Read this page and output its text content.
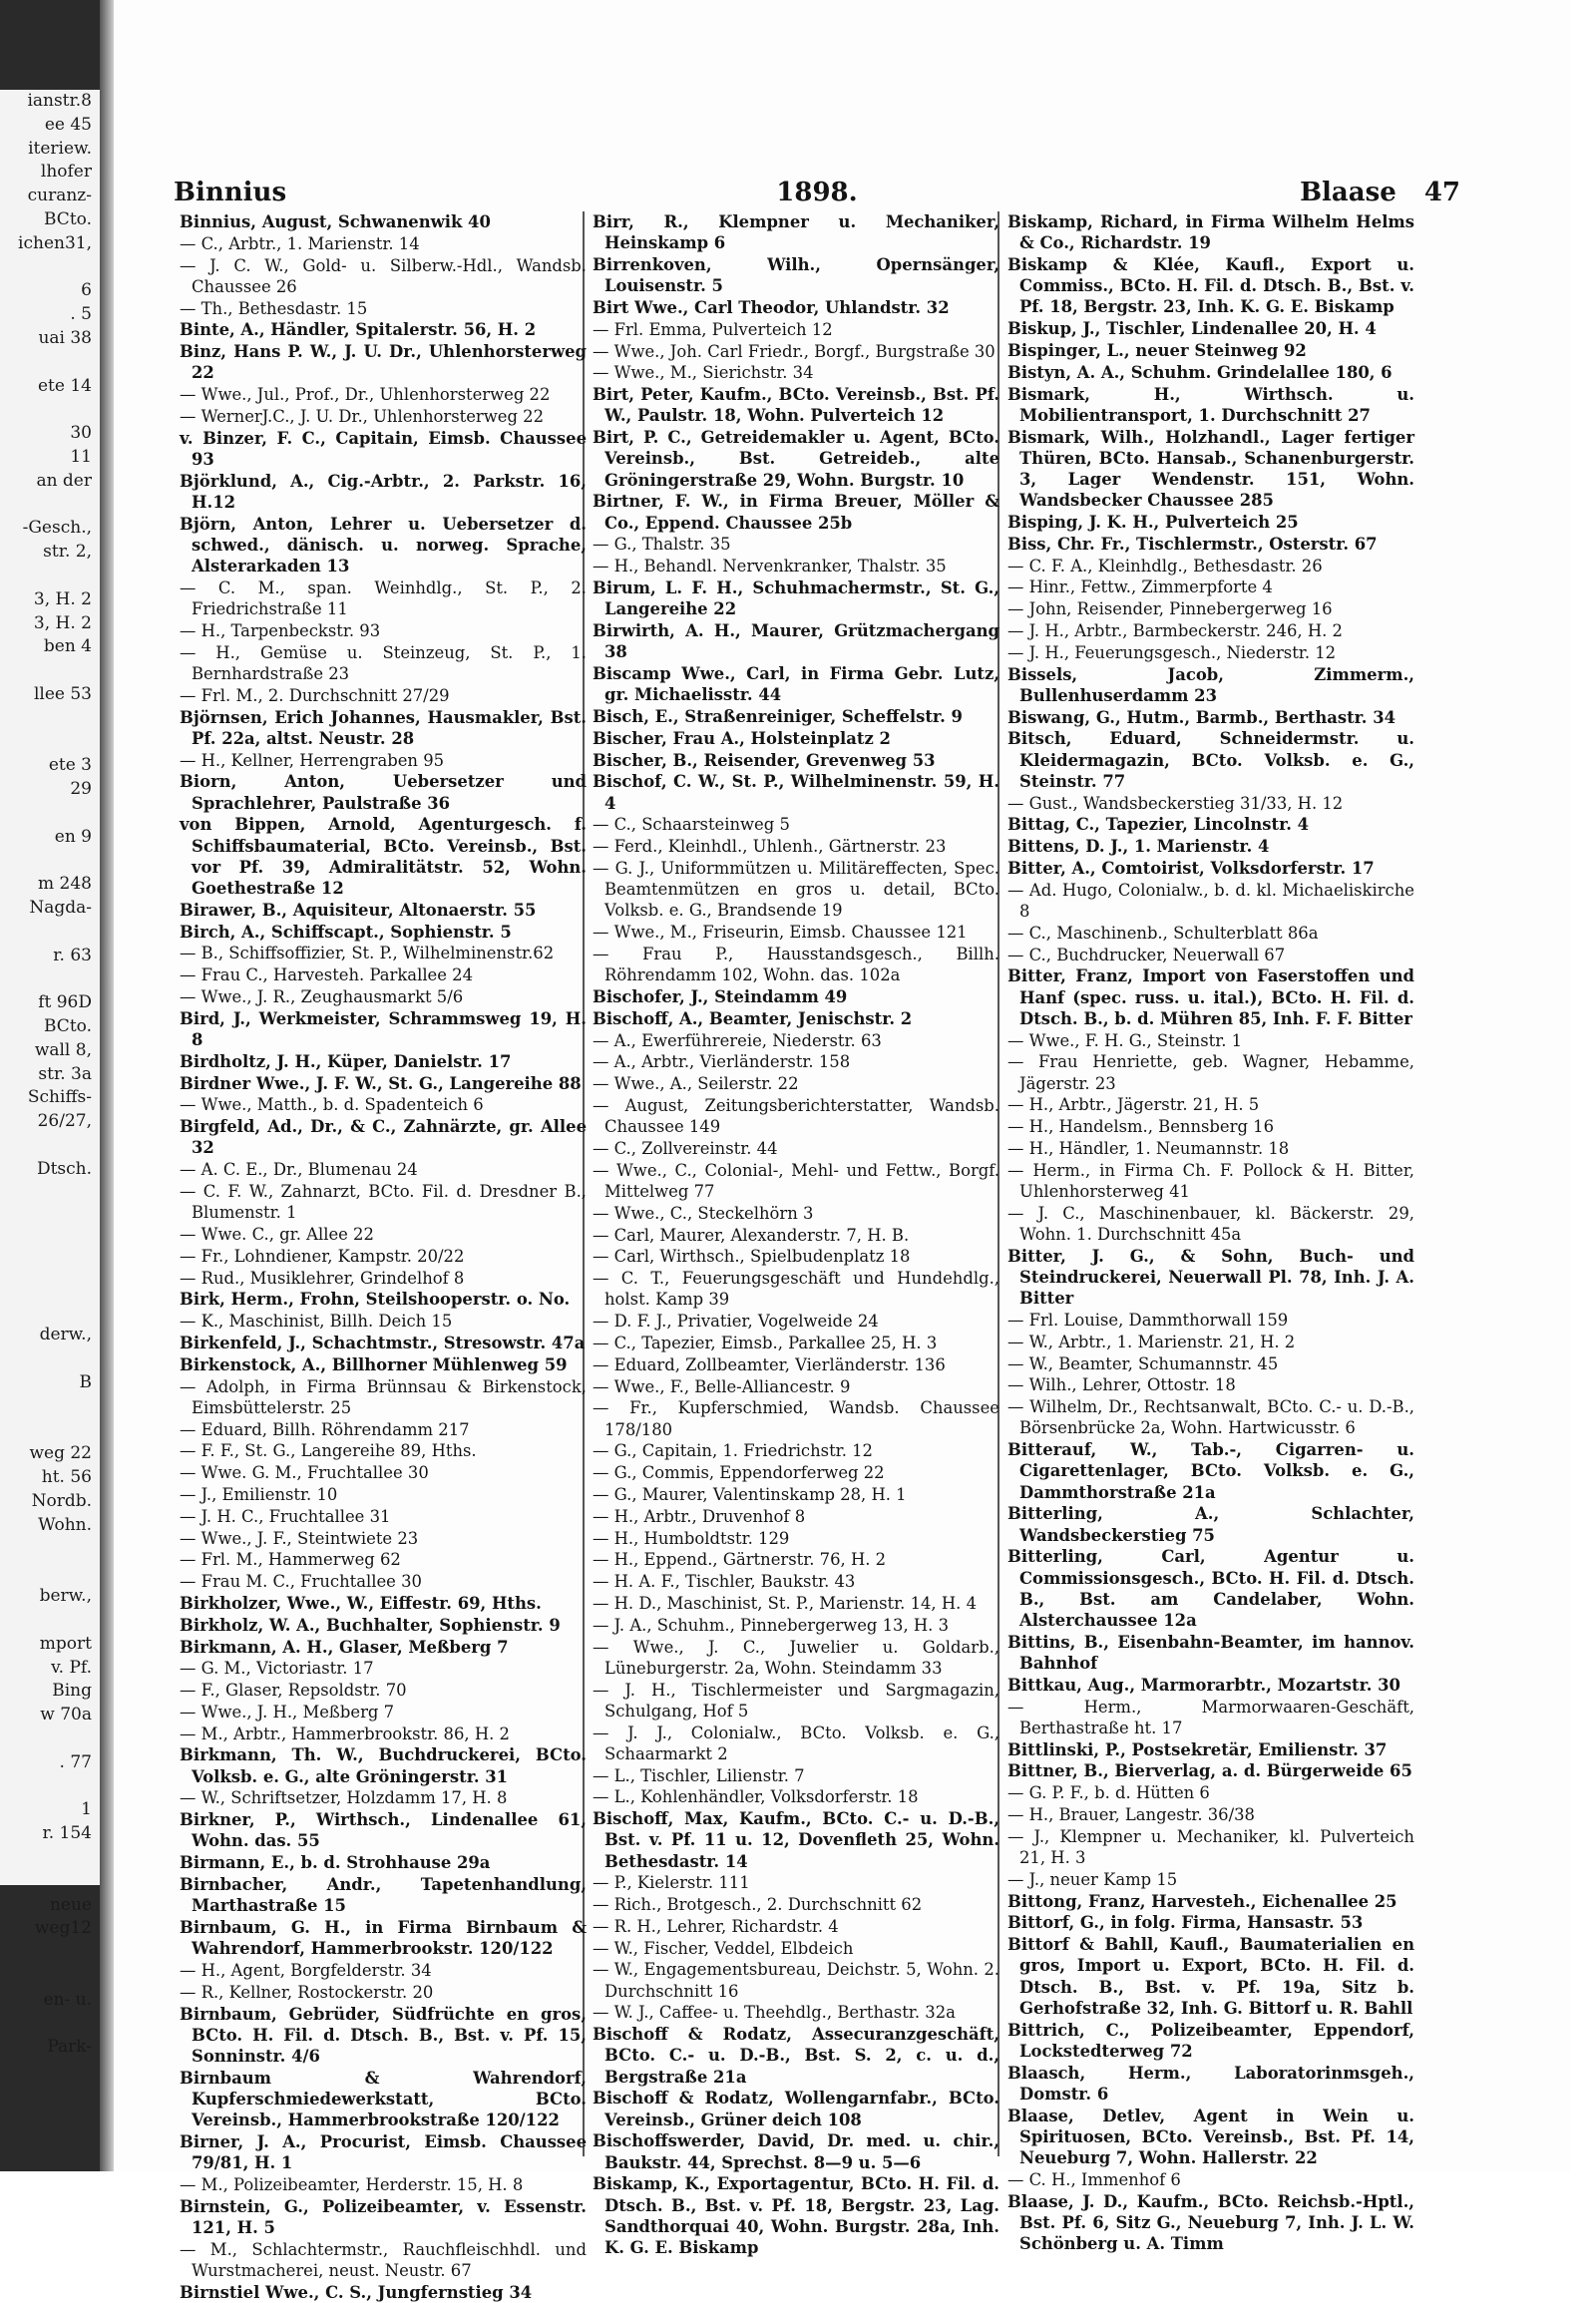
ianstr.8
ee 45
iteriew.
lhofer
curanz-
BCto.
ichen31,
6
. 5
uai 38
ete 14
30
11
an der
-Gesch.,
str. 2,
3, H. 2
3, H. 2
ben 4
llee 53
ete 3
29
en 9
m 248
Nagda-
r. 63
ft 96D
BCto.
wall 8,
str. 3a
Schiffs-
26/27,
Dtsch.
derw.,
B
weg 22
ht. 56
Nordb.
Wohn.
berw.,
mport
v. Pf.
Bing
w 70a
. 77
1
r. 154
neue
weg12
en- u.
Park-
Binnius	1898.	Blaase 47
Binnius, August, Schwanenwik 40
— C., Arbtr., 1. Marienstr. 14
— J. C. W., Gold- u. Silberw.-Hdl., Wandsb. Chaussee 26
— Th., Bethesdastr. 15
Binte, A., Händler, Spitalerstr. 56, H. 2
Binz, Hans P. W., J. U. Dr., Uhlenhorsterweg 22
— Wwe., Jul., Prof., Dr., Uhlenhorsterweg 22
— WernerJ.C., J. U. Dr., Uhlenhorsterweg 22
v. Binzer, F. C., Capitain, Eimsb. Chaussee 93
Björklund, A., Cig.-Arbtr., 2. Parkstr. 16, H.12
Björn, Anton, Lehrer u. Uebersetzer d. schwed., dänisch. u. norweg. Sprache, Alsterarkaden 13
— C. M., span. Weinhdlg., St. P., 2. Friedrichstraße 11
— H., Tarpenbeckstr. 93
— H., Gemüse u. Steinzeug, St. P., 1. Bernhardstraße 23
— Frl. M., 2. Durchschnitt 27/29
Björnsen, Erich Johannes, Hausmakler, Bst. Pf. 22a, altst. Neustr. 28
— H., Kellner, Herrengraben 95
Biorn, Anton, Uebersetzer und Sprachlehrer, Paulstraße 36
von Bippen, Arnold, Agenturgesch. f. Schiffsbaumaterial, BCto. Vereinsb., Bst. vor Pf. 39, Admiralitätstr. 52, Wohn. Goethestraße 12
Birawer, B., Aquisiteur, Altonaerstr. 55
Birch, A., Schiffscapt., Sophienstr. 5
— B., Schiffsoffizier, St. P., Wilhelminenstr.62
— Frau C., Harvesteh. Parkallee 24
— Wwe., J. R., Zeughausmarkt 5/6
Bird, J., Werkmeister, Schrammsweg 19, H. 8
Birdholtz, J. H., Küper, Danielstr. 17
Birdner Wwe., J. F. W., St. G., Langereihe 88
— Wwe., Matth., b. d. Spadenteich 6
Birgfeld, Ad., Dr., & C., Zahnärzte, gr. Allee 32
— A. C. E., Dr., Blumenau 24
— C. F. W., Zahnarzt, BCto. Fil. d. Dresdner B., Blumenstr. 1
— Wwe. C., gr. Allee 22
— Fr., Lohndiener, Kampstr. 20/22
— Rud., Musiklehrer, Grindelhof 8
Birk, Herm., Frohn, Steilshooperstr. o. No.
— K., Maschinist, Billh. Deich 15
Birkenfeld, J., Schachtmstr., Stresowstr. 47a
Birkenstock, A., Billhorner Mühlenweg 59
— Adolph, in Firma Brünnsau & Birkenstock, Eimsbüttelerstr. 25
— Eduard, Billh. Röhrendamm 217
— F. F., St. G., Langereihe 89, Hths.
— Wwe. G. M., Fruchtallee 30
— J., Emilienstr. 10
— J. H. C., Fruchtallee 31
— Wwe., J. F., Steintwiete 23
— Frl. M., Hammerweg 62
— Frau M. C., Fruchtallee 30
Birkholzer, Wwe., W., Eiffestr. 69, Hths.
Birkholz, W. A., Buchhalter, Sophienstr. 9
Birkmann, A. H., Glaser, Meßberg 7
— G. M., Victoriastr. 17
— F., Glaser, Repsoldstr. 70
— Wwe., J. H., Meßberg 7
— M., Arbtr., Hammerbrookstr. 86, H. 2
Birkmann, Th. W., Buchdruckerei, BCto. Volksb. e. G., alte Gröningerstr. 31
— W., Schriftsetzer, Holzdamm 17, H. 8
Birkner, P., Wirthsch., Lindenallee 61, Wohn. das. 55
Birmann, E., b. d. Strohhause 29a
Birnbacher, Andr., Tapetenhandlung, Marthastraße 15
Birnbaum, G. H., in Firma Birnbaum & Wahrendorf, Hammerbrookstr. 120/122
— H., Agent, Borgfelderstr. 34
— R., Kellner, Rostockerstr. 20
Birnbaum, Gebrüder, Südfrüchte en gros, BCto. H. Fil. d. Dtsch. B., Bst. v. Pf. 15, Sonninstr. 4/6
Birnbaum & Wahrendorf, Kupferschmiedewerkstatt, BCto. Vereinsb., Hammerbrookstraße 120/122
Birner, J. A., Procurist, Eimsb. Chaussee 79/81, H. 1
— M., Polizeibeamter, Herderstr. 15, H. 8
Birnstein, G., Polizeibeamter, v. Essenstr. 121, H. 5
— M., Schlachtermstr., Rauchfleischhdl. und Wurstmacherei, neust. Neustr. 67
Birnstiel Wwe., C. S., Jungfernstieg 34
Birr, R., Klempner u. Mechaniker, Heinskamp 6
Birrenkoven, Wilh., Opernsänger, Louisenstr. 5
Birt Wwe., Carl Theodor, Uhlandstr. 32
— Frl. Emma, Pulverteich 12
— Wwe., Joh. Carl Friedr., Borgf., Burgstraße 30
— Wwe., M., Sierichstr. 34
Birt, Peter, Kaufm., BCto. Vereinsb., Bst. Pf. W., Paulstr. 18, Wohn. Pulverteich 12
Birt, P. C., Getreidemakler u. Agent, BCto. Vereinsb., Bst. Getreideb., alte Gröningerstraße 29, Wohn. Burgstr. 10
Birtner, F. W., in Firma Breuer, Möller & Co., Eppend. Chaussee 25b
— G., Thalstr. 35
— H., Behandl. Nervenkranker, Thalstr. 35
Birum, L. F. H., Schuhmachermstr., St. G., Langereihe 22
Birwirth, A. H., Maurer, Grützmachergang 38
Biscamp Wwe., Carl, in Firma Gebr. Lutz, gr. Michaelisstr. 44
Bisch, E., Straßenreiniger, Scheffelstr. 9
Bischer, Frau A., Holsteinplatz 2
Bischer, B., Reisender, Grevenweg 53
Bischof, C. W., St. P., Wilhelminenstr. 59, H. 4
— C., Schaarsteinweg 5
— Ferd., Kleinhdl., Uhlenh., Gärtnerstr. 23
— G. J., Uniformmützen u. Militäreffecten, Spec. Beamtenmützen en gros u. detail, BCto. Volksb. e. G., Brandsende 19
— Wwe., M., Friseurin, Eimsb. Chaussee 121
— Frau P., Hausstandsgesch., Billh. Röhrendamm 102, Wohn. das. 102a
Bischofer, J., Steindamm 49
Bischoff, A., Beamter, Jenischstr. 2
— A., Ewerführereie, Niederstr. 63
— A., Arbtr., Vierländerstr. 158
— Wwe., A., Seilerstr. 22
— August, Zeitungsberichterstatter, Wandsb. Chaussee 149
— C., Zollvereinstr. 44
— Wwe., C., Colonial-, Mehl- und Fettw., Borgf. Mittelweg 77
— Wwe., C., Steckelhörn 3
— Carl, Maurer, Alexanderstr. 7, H. B.
— Carl, Wirthsch., Spielbudenplatz 18
— C. T., Feuerungsgeschäft und Hundehdlg., holst. Kamp 39
— D. F. J., Privatier, Vogelweide 24
— C., Tapezier, Eimsb., Parkallee 25, H. 3
— Eduard, Zollbeamter, Vierländerstr. 136
— Wwe., F., Belle-Alliancestr. 9
— Fr., Kupferschmied, Wandsb. Chaussee 178/180
— G., Capitain, 1. Friedrichstr. 12
— G., Commis, Eppendorferweg 22
— G., Maurer, Valentinskamp 28, H. 1
— H., Arbtr., Druvenhof 8
— H., Humboldtstr. 129
— H., Eppend., Gärtnerstr. 76, H. 2
— H. A. F., Tischler, Baukstr. 43
— H. D., Maschinist, St. P., Marienstr. 14, H. 4
— J. A., Schuhm., Pinnebergerweg 13, H. 3
— Wwe., J. C., Juwelier u. Goldarb., Lüneburgerstr. 2a, Wohn. Steindamm 33
— J. H., Tischlermeister und Sargmagazin, Schulgang, Hof 5
— J. J., Colonialw., BCto. Volksb. e. G., Schaarmarkt 2
— L., Tischler, Lilienstr. 7
— L., Kohlenhändler, Volksdorferstr. 18
Bischoff, Max, Kaufm., BCto. C.- u. D.-B., Bst. v. Pf. 11 u. 12, Dovenfleth 25, Wohn. Bethesdastr. 14
— P., Kielerstr. 111
— Rich., Brotgesch., 2. Durchschnitt 62
— R. H., Lehrer, Richardstr. 4
— W., Fischer, Veddel, Elbdeich
— W., Engagementsbureau, Deichstr. 5, Wohn. 2. Durchschnitt 16
— W. J., Caffee- u. Theehdlg., Berthastr. 32a
Bischoff & Rodatz, Assecuranzgeschäft, BCto. C.- u. D.-B., Bst. S. 2, c. u. d., Bergstraße 21a
Bischoff & Rodatz, Wollengarnfabr., BCto. Vereinsb., Grüner deich 108
Bischoffswerder, David, Dr. med. u. chir., Baukstr. 44, Sprechst. 8—9 u. 5—6
Biskamp, K., Exportagentur, BCto. H. Fil. d. Dtsch. B., Bst. v. Pf. 18, Bergstr. 23, Lag. Sandthorquai 40, Wohn. Burgstr. 28a, Inh. K. G. E. Biskamp
Biskamp, Richard, in Firma Wilhelm Helms & Co., Richardstr. 19
Biskamp & Klée, Kaufl., Export u. Commiss., BCto. H. Fil. d. Dtsch. B., Bst. v. Pf. 18, Bergstr. 23, Inh. K. G. E. Biskamp
Biskup, J., Tischler, Lindenallee 20, H. 4
Bispinger, L., neuer Steinweg 92
Bistyn, A. A., Schuhm. Grindelallee 180, 6
Bismark, H., Wirthsch. u. Mobilientransport, 1. Durchschnitt 27
Bismark, Wilh., Holzhandl., Lager fertiger Thüren, BCto. Hansab., Schanenburgerstr. 3, Lager Wendenstr. 151, Wohn. Wandsbecker Chaussee 285
Bisping, J. K. H., Pulverteich 25
Biss, Chr. Fr., Tischlermstr., Osterstr. 67
— C. F. A., Kleinhdlg., Bethesdastr. 26
— Hinr., Fettw., Zimmerpforte 4
— John, Reisender, Pinnebergerweg 16
— J. H., Arbtr., Barmbeckerstr. 246, H. 2
— J. H., Feuerungsgesch., Niederstr. 12
Bissels, Jacob, Zimmerm., Bullenhuserdamm 23
Biswang, G., Hutm., Barmb., Berthastr. 34
Bitsch, Eduard, Schneidermstr. u. Kleidermagazin, BCto. Volksb. e. G., Steinstr. 77
— Gust., Wandsbeckerstieg 31/33, H. 12
Bittag, C., Tapezier, Lincolnstr. 4
Bittens, D. J., 1. Marienstr. 4
Bitter, A., Comtoirist, Volksdorferstr. 17
— Ad. Hugo, Colonialw., b. d. kl. Michaeliskirche 8
— C., Maschinenb., Schulterblatt 86a
— C., Buchdrucker, Neuerwall 67
Bitter, Franz, Import von Faserstoffen und Hanf (spec. russ. u. ital.), BCto. H. Fil. d. Dtsch. B., b. d. Mühren 85, Inh. F. F. Bitter
— Wwe., F. H. G., Steinstr. 1
— Frau Henriette, geb. Wagner, Hebamme, Jägerstr. 23
— H., Arbtr., Jägerstr. 21, H. 5
— H., Handelsm., Bennsberg 16
— H., Händler, 1. Neumannstr. 18
— Herm., in Firma Ch. F. Pollock & H. Bitter, Uhlenhorsterweg 41
— J. C., Maschinenbauer, kl. Bäckerstr. 29, Wohn. 1. Durchschnitt 45a
Bitter, J. G., & Sohn, Buch- und Steindruckerei, Neuerwall Pl. 78, Inh. J. A. Bitter
— Frl. Louise, Dammthorwall 159
— W., Arbtr., 1. Marienstr. 21, H. 2
— W., Beamter, Schumannstr. 45
— Wilh., Lehrer, Ottostr. 18
— Wilhelm, Dr., Rechtsanwalt, BCto. C.- u. D.-B., Börsenbrücke 2a, Wohn. Hartwicusstr. 6
Bitterauf, W., Tab.-, Cigarren- u. Cigarettenlager, BCto. Volksb. e. G., Dammthorstraße 21a
Bitterling, A., Schlachter, Wandsbeckerstieg 75
Bitterling, Carl, Agentur u. Commissionsgesch., BCto. H. Fil. d. Dtsch. B., Bst. am Candelaber, Wohn. Alsterchaussee 12a
Bittins, B., Eisenbahn-Beamter, im hannov. Bahnhof
Bittkau, Aug., Marmorarbtr., Mozartstr. 30
— Herm., Marmorwaaren-Geschäft, Berthastraße ht. 17
Bittlinski, P., Postsekretär, Emilienstr. 37
Bittner, B., Bierverlag, a. d. Bürgerweide 65
— G. P. F., b. d. Hütten 6
— H., Brauer, Langestr. 36/38
— J., Klempner u. Mechaniker, kl. Pulverteich 21, H. 3
— J., neuer Kamp 15
Bittong, Franz, Harvesteh., Eichenallee 25
Bittorf, G., in folg. Firma, Hansastr. 53
Bittorf & Bahll, Kaufl., Baumaterialien en gros, Import u. Export, BCto. H. Fil. d. Dtsch. B., Bst. v. Pf. 19a, Sitz b. Gerhofstraße 32, Inh. G. Bittorf u. R. Bahll
Bittrich, C., Polizeibeamter, Eppendorf, Lockstedterweg 72
Blaasch, Herm., Laboratorinmsgeh., Domstr. 6
Blaase, Detlev, Agent in Wein u. Spirituosen, BCto. Vereinsb., Bst. Pf. 14, Neueburg 7, Wohn. Hallerstr. 22
— C. H., Immenhof 6
Blaase, J. D., Kaufm., BCto. Reichsb.-Hptl., Bst. Pf. 6, Sitz G., Neueburg 7, Inh. J. L. W. Schönberg u. A. Timm
